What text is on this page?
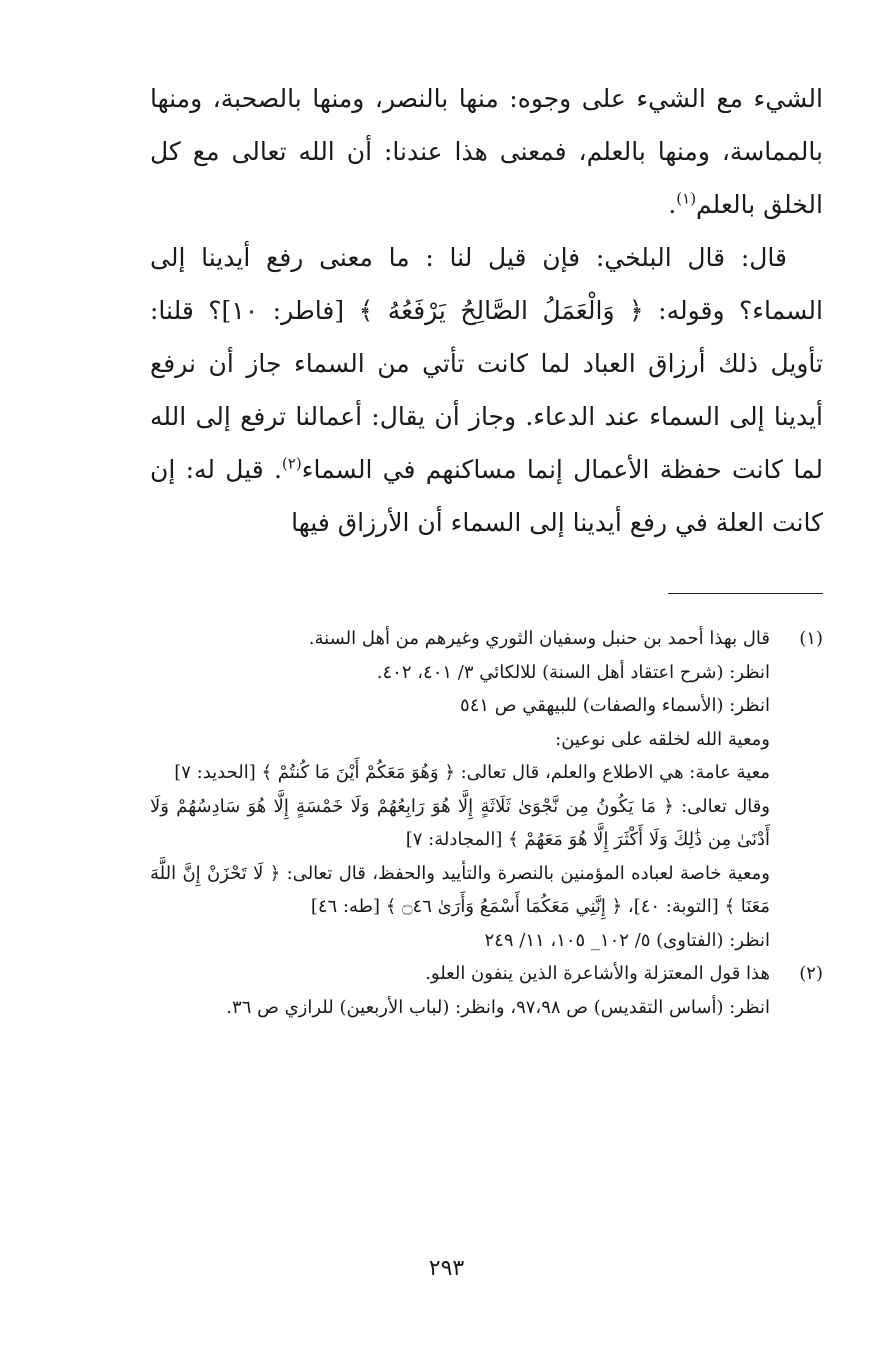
الشيء مع الشيء على وجوه: منها بالنصر، ومنها بالصحبة، ومنها بالمماسة، ومنها بالعلم، فمعنى هذا عندنا: أن الله تعالى مع كل الخلق بالعلم$^{(١)}$.

قال: قال البلخي: فإن قيل لنا : ما معنى رفع أيدينا إلى السماء؟ وقوله: ﴿ وَالْعَمَلُ الصَّالِحُ يَرْفَعُهُ ﴾ [فاطر: ١٠]؟ قلنا: تأويل ذلك أرزاق العباد لما كانت تأتي من السماء جاز أن نرفع أيدينا إلى السماء عند الدعاء. وجاز أن يقال: أعمالنا ترفع إلى الله لما كانت حفظة الأعمال إنما مساكنهم في السماء$^{(٢)}$. قيل له: إن كانت العلة في رفع أيدينا إلى السماء أن الأرزاق فيها

(١)
قال بهذا أحمد بن حنبل وسفيان الثوري وغيرهم من أهل السنة.
انظر: (شرح اعتقاد أهل السنة) للالكائي ٣/ ٤٠١، ٤٠٢.
انظر: (الأسماء والصفات) للبيهقي ص ٥٤١
ومعية الله لخلقه على نوعين:
معية عامة: هي الاطلاع والعلم، قال تعالى: ﴿ وَهُوَ مَعَكُمْ أَيْنَ مَا كُنتُمْ ﴾ [الحديد: ٧]
وقال تعالى: ﴿ مَا يَكُونُ مِن نَّجْوَىٰ ثَلَاثَةٍ إِلَّا هُوَ رَابِعُهُمْ وَلَا خَمْسَةٍ إِلَّا هُوَ سَادِسُهُمْ وَلَا أَدْنَىٰ مِن ذَٰلِكَ وَلَا أَكْثَرَ إِلَّا هُوَ مَعَهُمْ ﴾ [المجادلة: ٧]
ومعية خاصة لعباده المؤمنين بالنصرة والتأييد والحفظ، قال تعالى: ﴿ لَا تَحْزَنْ إِنَّ اللَّهَ مَعَنَا ﴾ [التوبة: ٤٠]، ﴿ إِنَّنِي مَعَكُمَا أَسْمَعُ وَأَرَىٰ ۝٤٦ ﴾ [طه: ٤٦]
انظر: (الفتاوى) ٥/ ١٠٢_ ١٠٥، ١١/ ٢٤٩
(٢)
هذا قول المعتزلة والأشاعرة الذين ينفون العلو.
انظر: (أساس التقديس) ص ٩٧،٩٨، وانظر: (لباب الأربعين) للرازي ص ٣٦.
٢٩٣
